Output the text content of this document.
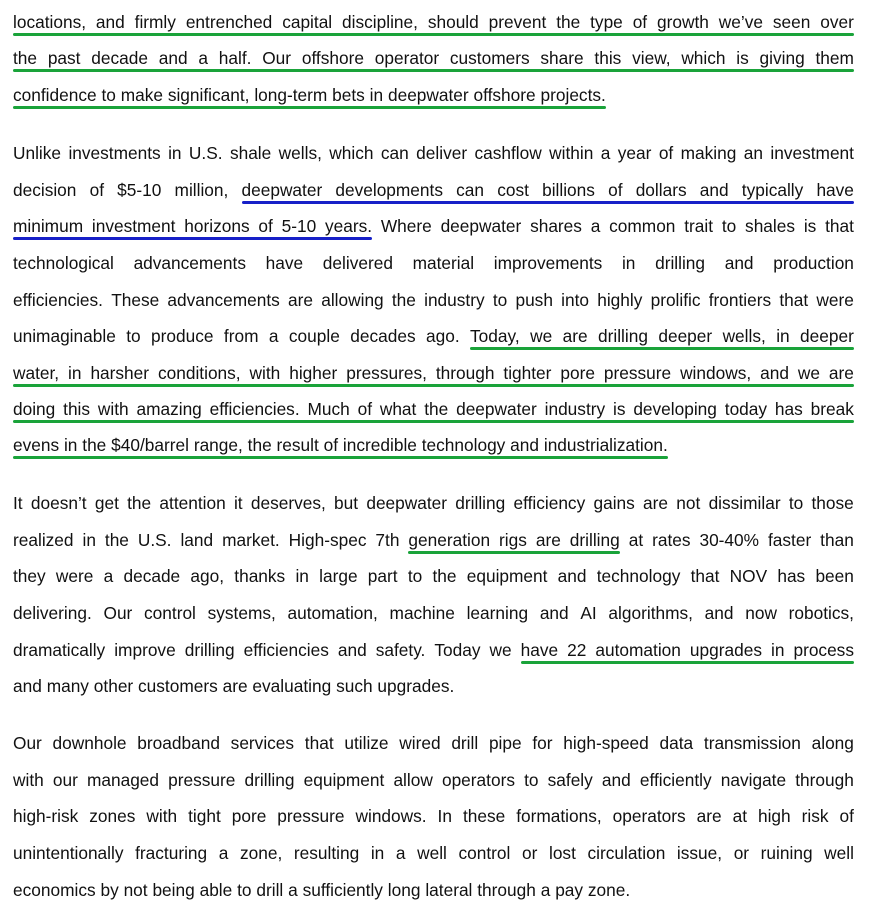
locations, and firmly entrenched capital discipline, should prevent the type of growth we’ve seen over
the past decade and a half. Our offshore operator customers share this view, which is giving them
confidence to make significant, long-term bets in deepwater offshore projects.
Unlike investments in U.S. shale wells, which can deliver cashflow within a year of making an investment
decision of $5-10 million, deepwater developments can cost billions of dollars and typically have
minimum investment horizons of 5-10 years. Where deepwater shares a common trait to shales is that
technological advancements have delivered material improvements in drilling and production
efficiencies. These advancements are allowing the industry to push into highly prolific frontiers that were
unimaginable to produce from a couple decades ago. Today, we are drilling deeper wells, in deeper
water, in harsher conditions, with higher pressures, through tighter pore pressure windows, and we are
doing this with amazing efficiencies. Much of what the deepwater industry is developing today has break
evens in the $40/barrel range, the result of incredible technology and industrialization.
It doesn’t get the attention it deserves, but deepwater drilling efficiency gains are not dissimilar to those
realized in the U.S. land market. High-spec 7th generation rigs are drilling at rates 30-40% faster than
they were a decade ago, thanks in large part to the equipment and technology that NOV has been
delivering. Our control systems, automation, machine learning and AI algorithms, and now robotics,
dramatically improve drilling efficiencies and safety. Today we have 22 automation upgrades in process
and many other customers are evaluating such upgrades.
Our downhole broadband services that utilize wired drill pipe for high-speed data transmission along
with our managed pressure drilling equipment allow operators to safely and efficiently navigate through
high-risk zones with tight pore pressure windows. In these formations, operators are at high risk of
unintentionally fracturing a zone, resulting in a well control or lost circulation issue, or ruining well
economics by not being able to drill a sufficiently long lateral through a pay zone.
